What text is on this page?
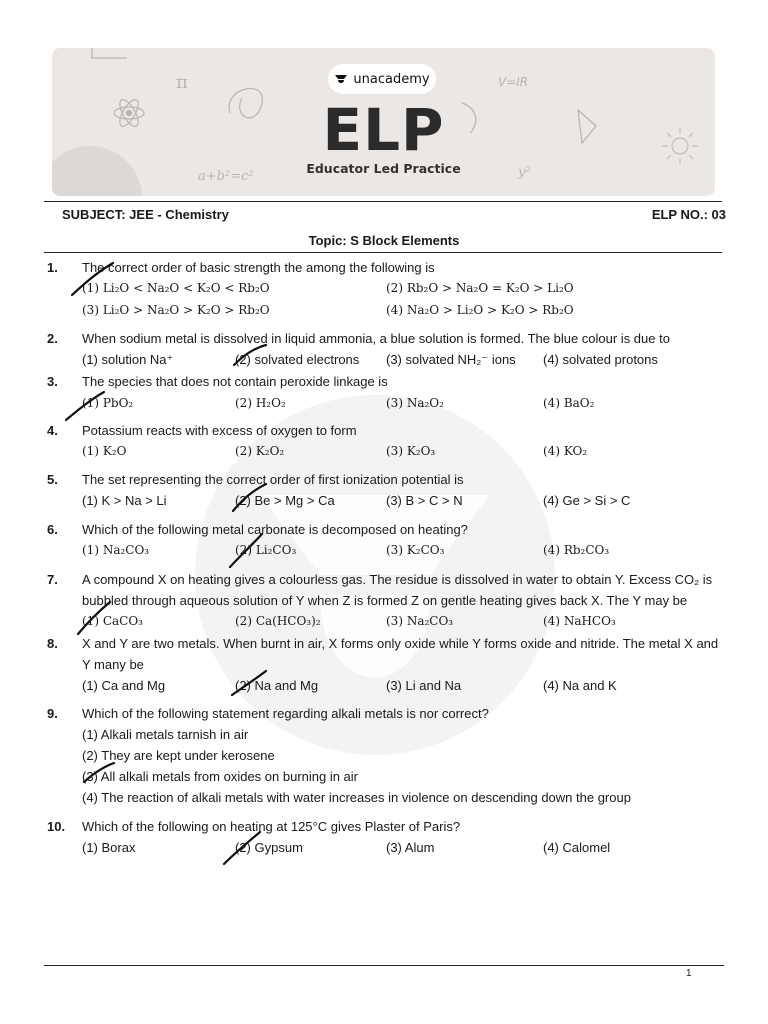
π	V=IR
a+b²=c²	y²
unacademy
ELP
Educator Led Practice
SUBJECT: JEE - Chemistry	ELP NO.: 03
Topic: S Block Elements
1. The correct order of basic strength the among the following is
(1) Li₂O < Na₂O < K₂O < Rb₂O	(2) Rb₂O > Na₂O = K₂O > Li₂O
(3) Li₂O > Na₂O > K₂O > Rb₂O	(4) Na₂O > Li₂O > K₂O > Rb₂O
2. When sodium metal is dissolved in liquid ammonia, a blue solution is formed. The blue colour is due to
(1) solution Na⁺	(2) solvated electrons (3) solvated NH₂⁻ ions (4) solvated protons
3. The species that does not contain peroxide linkage is
(1) PbO₂	(2) H₂O₂	(3) Na₂O₂	(4) BaO₂
4. Potassium reacts with excess of oxygen to form
(1) K₂O	(2) K₂O₂	(3) K₂O₃	(4) KO₂
5. The set representing the correct order of first ionization potential is
(1) K > Na > Li	(2) Be > Mg > Ca	(3) B > C > N	(4) Ge > Si > C
6. Which of the following metal carbonate is decomposed on heating?
(1) Na₂CO₃	(2) Li₂CO₃	(3) K₂CO₃	(4) Rb₂CO₃
7. A compound X on heating gives a colourless gas. The residue is dissolved in water to obtain Y. Excess CO₂ is
bubbled through aqueous solution of Y when Z is formed Z on gentle heating gives back X. The Y may be
(1) CaCO₃	(2) Ca(HCO₃)₂	(3) Na₂CO₃	(4) NaHCO₃
8. X and Y are two metals. When burnt in air, X forms only oxide while Y forms oxide and nitride. The metal X and
Y many be
(1) Ca and Mg	(2) Na and Mg	(3) Li and Na	(4) Na and K
9. Which of the following statement regarding alkali metals is nor correct?
(1) Alkali metals tarnish in air
(2) They are kept under kerosene
(3) All alkali metals from oxides on burning in air
(4) The reaction of alkali metals with water increases in violence on descending down the group
10. Which of the following on heating at 125°C gives Plaster of Paris?
(1) Borax	(2) Gypsum	(3) Alum	(4) Calomel
1
